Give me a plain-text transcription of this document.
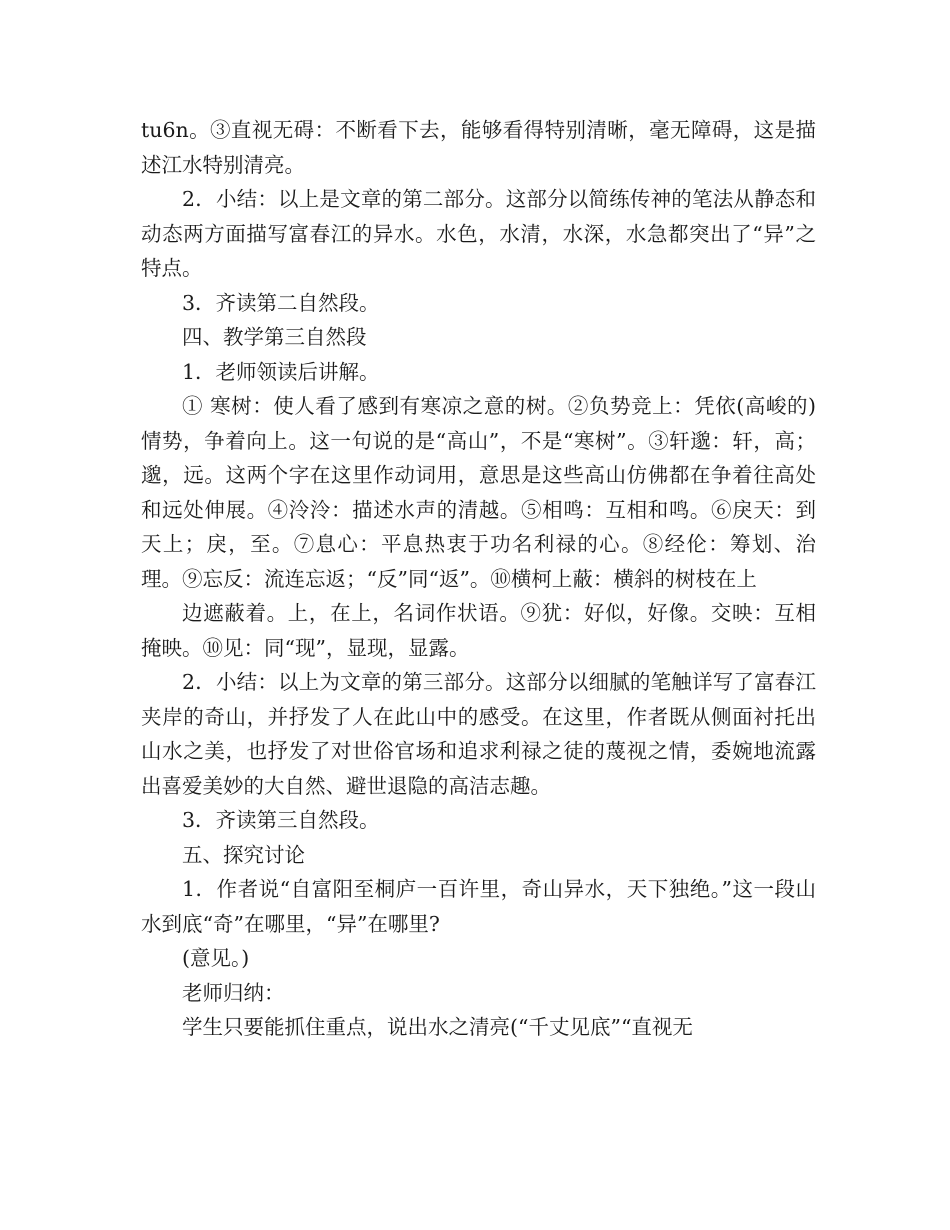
tu6n。③直视无碍：不断看下去，能够看得特别清晰，毫无障碍，这是描述江水特别清亮。

2．小结：以上是文章的第二部分。这部分以简练传神的笔法从静态和动态两方面描写富春江的异水。水色，水清，水深，水急都突出了“异”之特点。

3．齐读第二自然段。

四、教学第三自然段

1．老师领读后讲解。

① 寒树：使人看了感到有寒凉之意的树。②负势竞上：凭依(高峻的)情势，争着向上。这一句说的是“高山”，不是“寒树”。③轩邈：轩，高；邈，远。这两个字在这里作动词用，意思是这些高山仿佛都在争着往高处和远处伸展。④泠泠：描述水声的清越。⑤相鸣：互相和鸣。⑥戾天：到天上；戾，至。⑦息心：平息热衷于功名利禄的心。⑧经伦：筹划、治理。⑨忘反：流连忘返；“反”同“返”。⑩横柯上蔽：横斜的树枝在上

边遮蔽着。上，在上，名词作状语。⑨犹：好似，好像。交映：互相掩映。⑩见：同“现”，显现，显露。

2．小结：以上为文章的第三部分。这部分以细腻的笔触详写了富春江夹岸的奇山，并抒发了人在此山中的感受。在这里，作者既从侧面衬托出山水之美，也抒发了对世俗官场和追求利禄之徒的蔑视之情，委婉地流露出喜爱美妙的大自然、避世退隐的高洁志趣。

3．齐读第三自然段。

五、探究讨论

1．作者说“自富阳至桐庐一百许里，奇山异水，天下独绝。”这一段山水到底“奇”在哪里，“异”在哪里?

(意见。)

老师归纳：

学生只要能抓住重点，说出水之清亮(“千丈见底”“直视无
